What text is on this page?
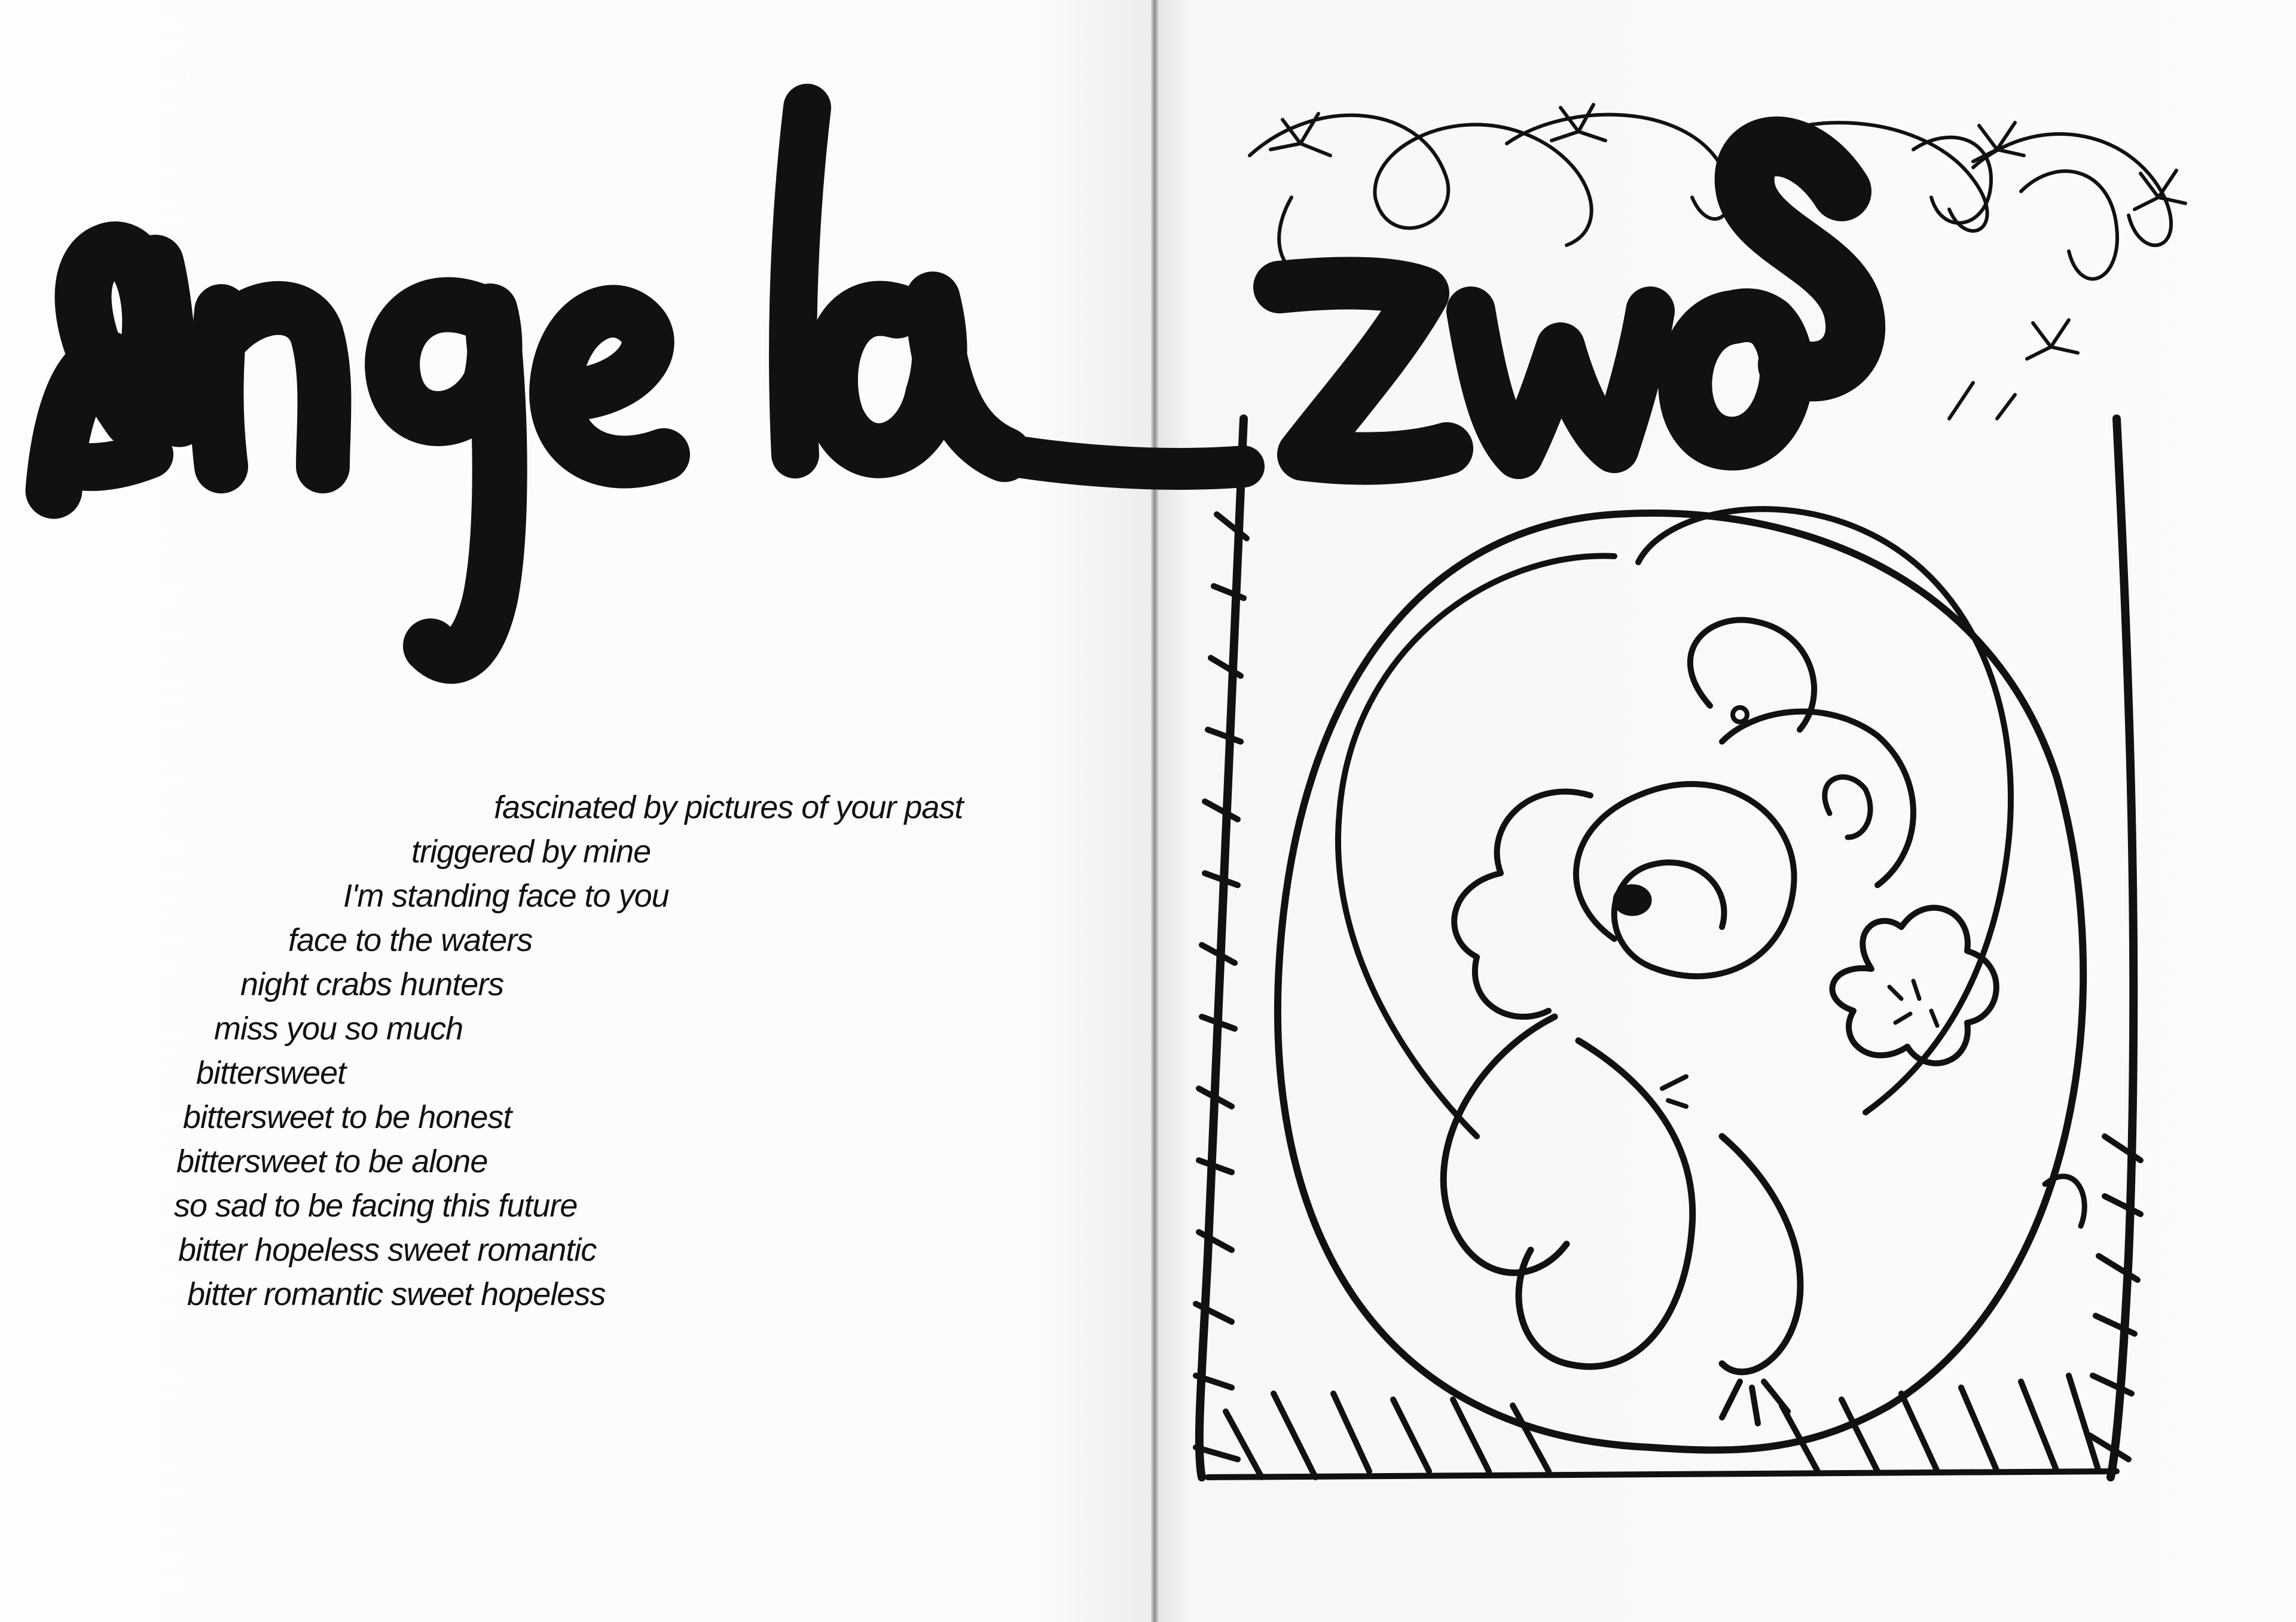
fascinated by pictures of your past
triggered by mine
I'm standing face to you
face to the waters
night crabs hunters
miss you so much
bittersweet
bittersweet to be honest
bittersweet to be alone
so sad to be facing this future
bitter hopeless sweet romantic
bitter romantic sweet hopeless
